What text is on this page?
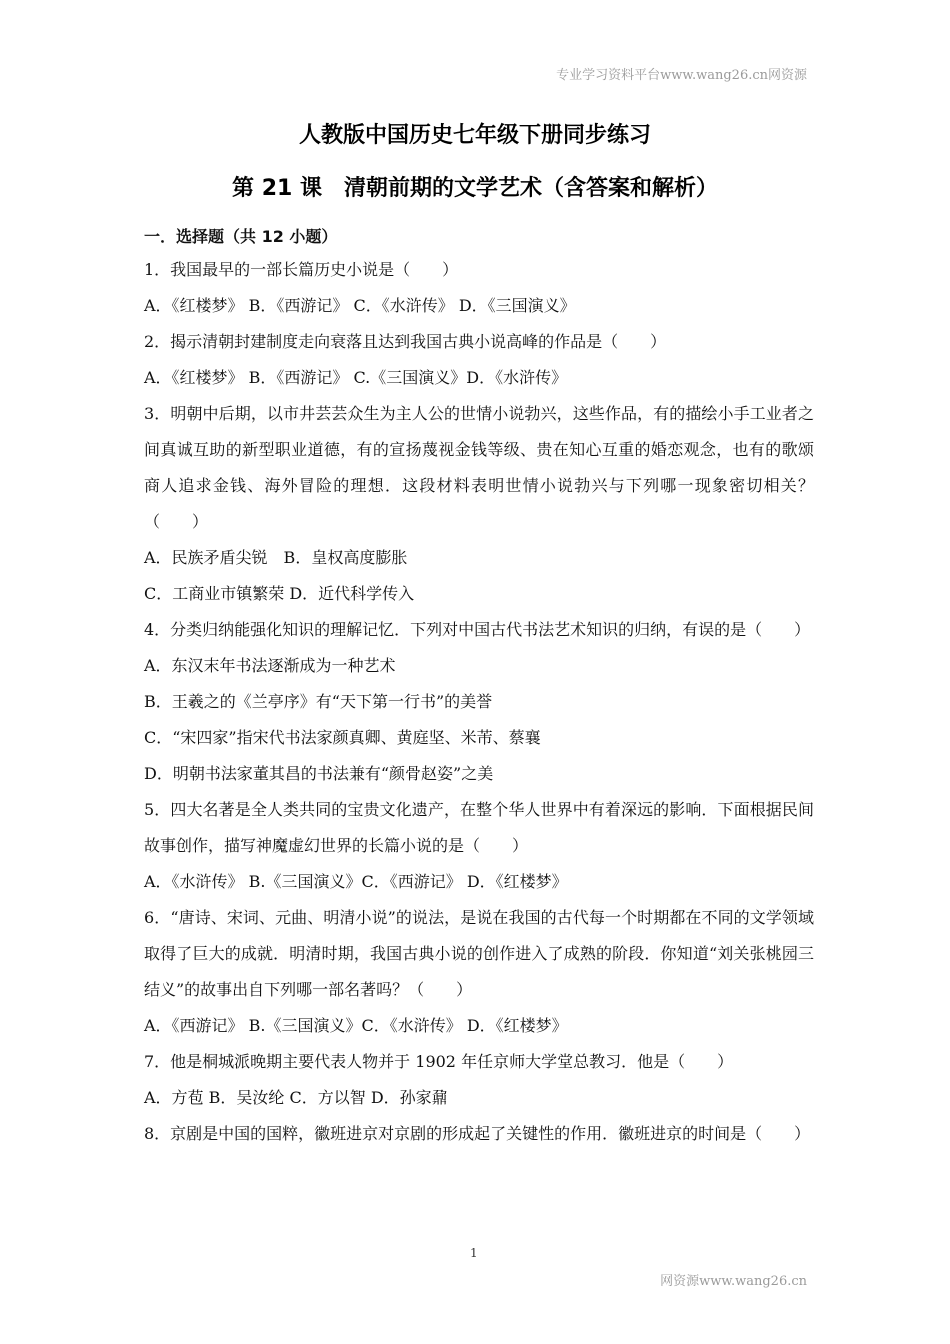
专业学习资料平台www.wang26.cn网资源
人教版中国历史七年级下册同步练习
第 21 课　清朝前期的文学艺术（含答案和解析）
一．选择题（共 12 小题）
1．我国最早的一部长篇历史小说是（　　）
A．《红楼梦》 B．《西游记》 C．《水浒传》 D．《三国演义》
2．揭示清朝封建制度走向衰落且达到我国古典小说高峰的作品是（　　）
A．《红楼梦》 B．《西游记》 C.《三国演义》D．《水浒传》
3．明朝中后期，以市井芸芸众生为主人公的世情小说勃兴，这些作品，有的描绘小手工业者之间真诚互助的新型职业道德，有的宣扬蔑视金钱等级、贵在知心互重的婚恋观念，也有的歌颂商人追求金钱、海外冒险的理想．这段材料表明世情小说勃兴与下列哪一现象密切相关？（　　）
A．民族矛盾尖锐　B．皇权高度膨胀
C．工商业市镇繁荣 D．近代科学传入
4．分类归纳能强化知识的理解记忆．下列对中国古代书法艺术知识的归纳，有误的是（　　）
A．东汉末年书法逐渐成为一种艺术
B．王羲之的《兰亭序》有“天下第一行书”的美誉
C．“宋四家”指宋代书法家颜真卿、黄庭坚、米芾、蔡襄
D．明朝书法家董其昌的书法兼有“颜骨赵姿”之美
5．四大名著是全人类共同的宝贵文化遗产，在整个华人世界中有着深远的影响．下面根据民间故事创作，描写神魔虚幻世界的长篇小说的是（　　）
A．《水浒传》 B.《三国演义》C．《西游记》 D．《红楼梦》
6．“唐诗、宋词、元曲、明清小说”的说法，是说在我国的古代每一个时期都在不同的文学领域取得了巨大的成就．明清时期，我国古典小说的创作进入了成熟的阶段．你知道“刘关张桃园三结义”的故事出自下列哪一部名著吗？（　　）
A．《西游记》 B.《三国演义》C．《水浒传》 D．《红楼梦》
7．他是桐城派晚期主要代表人物并于 1902 年任京师大学堂总教习．他是（　　）
A．方苞 B．吴汝纶 C．方以智 D．孙家鼐
8．京剧是中国的国粹，徽班进京对京剧的形成起了关键性的作用．徽班进京的时间是（　　）
1
网资源www.wang26.cn
